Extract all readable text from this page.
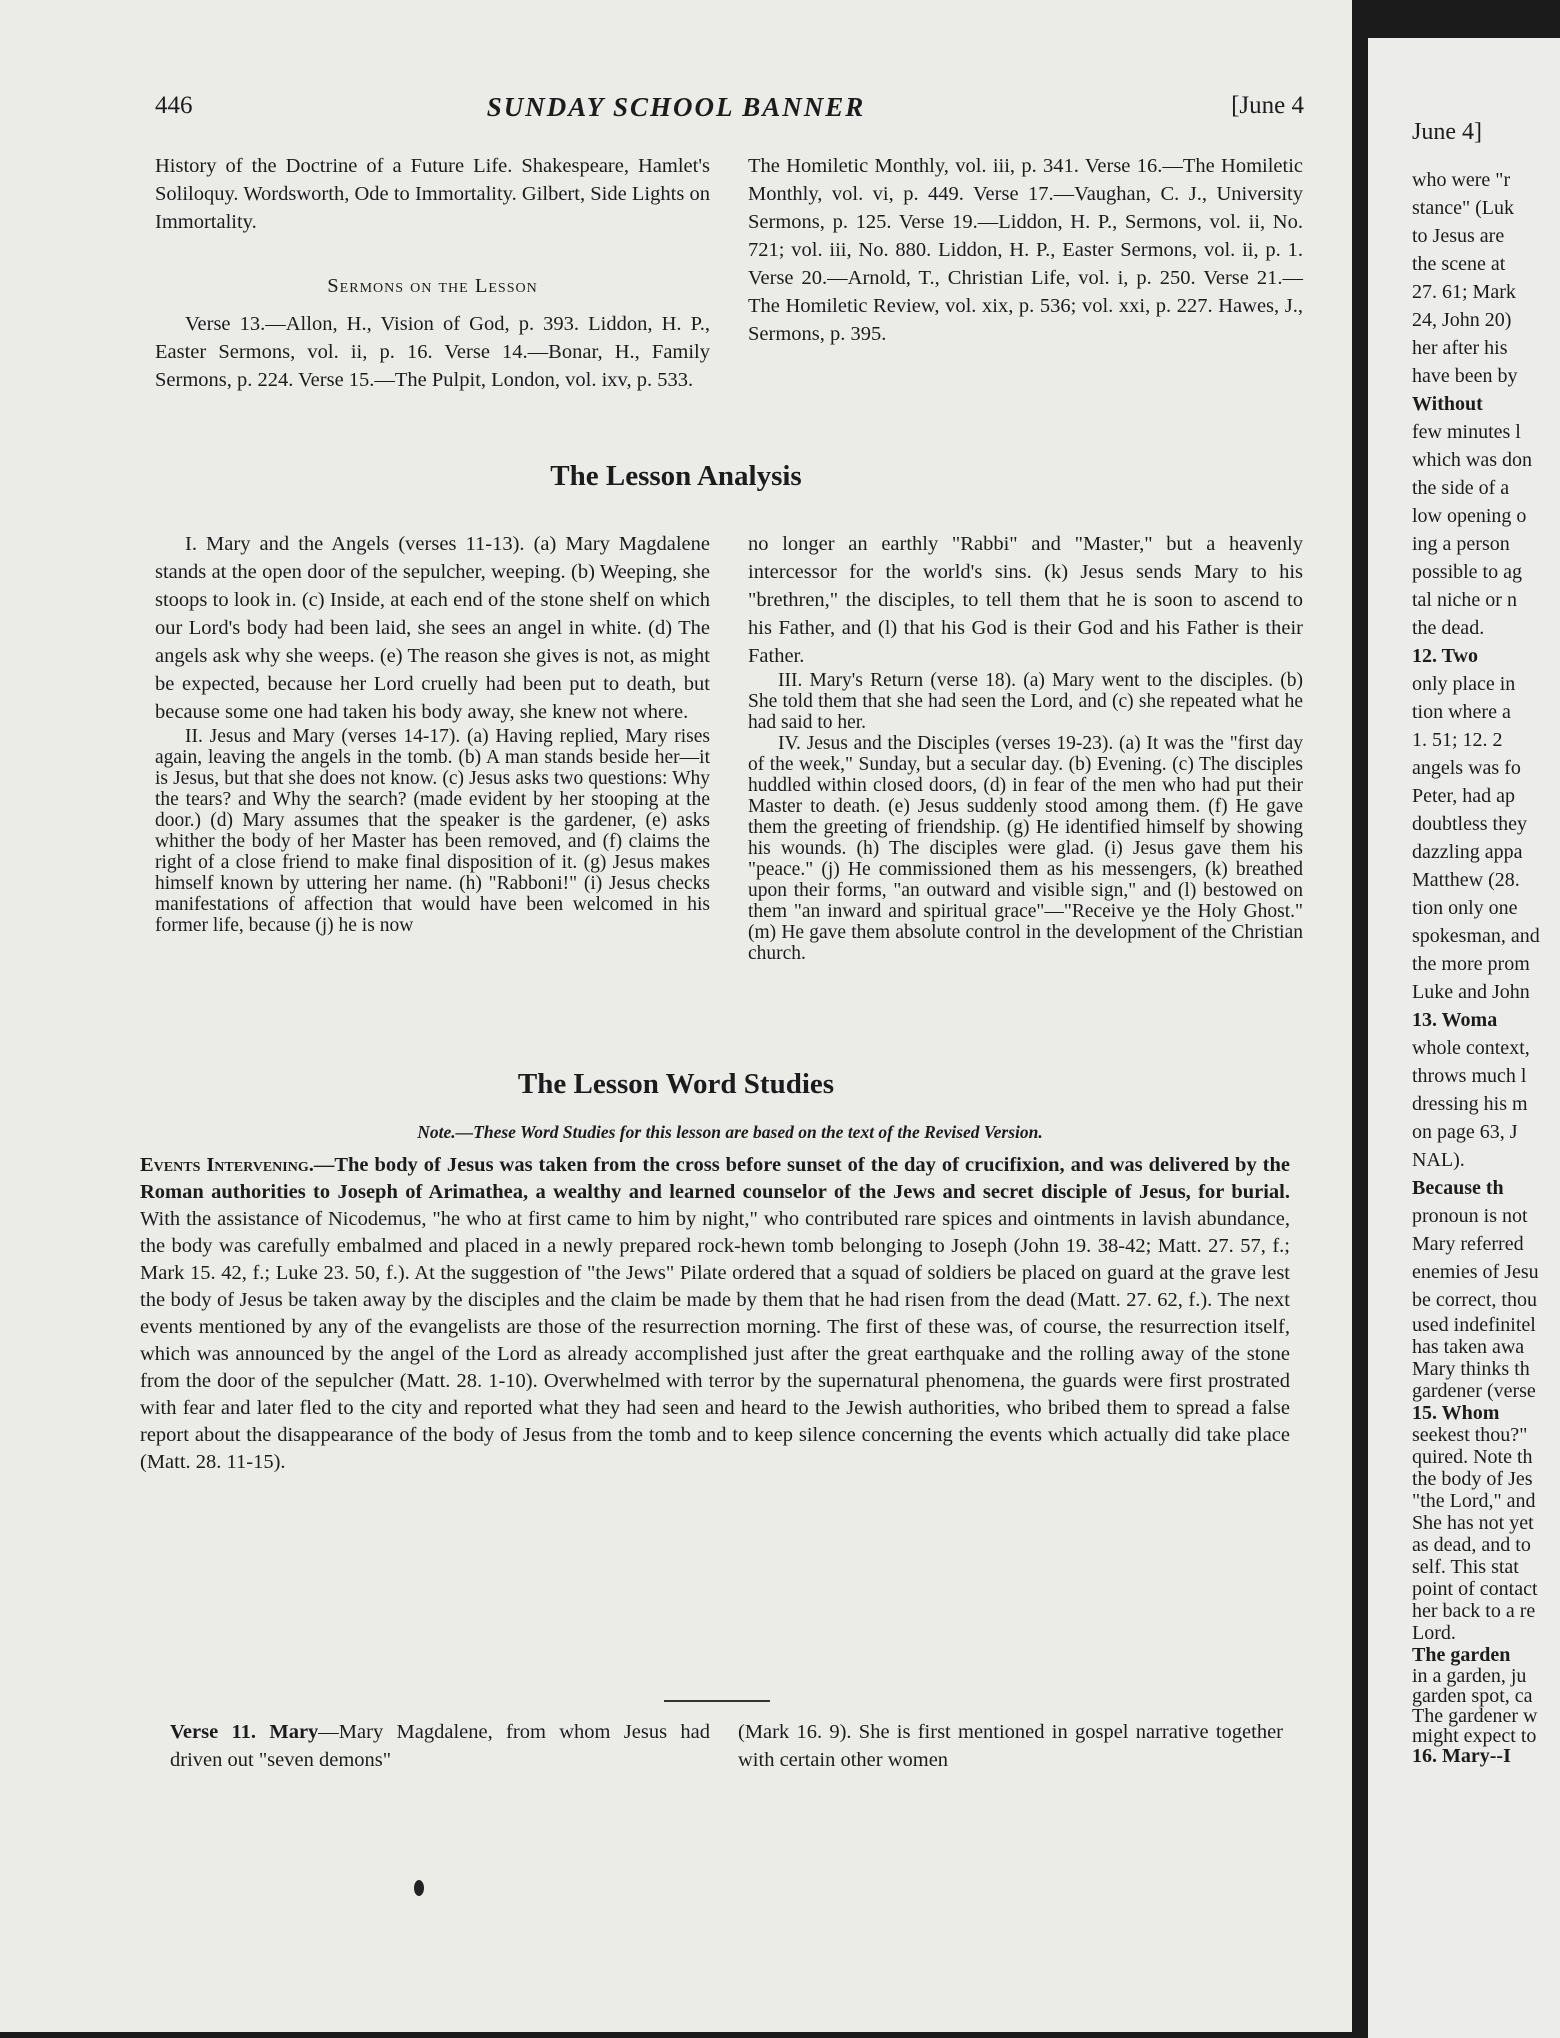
446	SUNDAY SCHOOL BANNER	[June 4

History of the Doctrine of a Future Life. Shakespeare, Hamlet's Soliloquy. Wordsworth, Ode to Immortality. Gilbert, Side Lights on Immortality.

Sermons on the Lesson

Verse 13.—Allon, H., Vision of God, p. 393. Liddon, H. P., Easter Sermons, vol. ii, p. 16. Verse 14.—Bonar, H., Family Sermons, p. 224. Verse 15.—The Pulpit, London, vol. ixv, p. 533.

The Homiletic Monthly, vol. iii, p. 341. Verse 16.—The Homiletic Monthly, vol. vi, p. 449. Verse 17.—Vaughan, C. J., University Sermons, p. 125. Verse 19.—Liddon, H. P., Sermons, vol. ii, No. 721; vol. iii, No. 880. Liddon, H. P., Easter Sermons, vol. ii, p. 1. Verse 20.—Arnold, T., Christian Life, vol. i, p. 250. Verse 21.—The Homiletic Review, vol. xix, p. 536; vol. xxi, p. 227. Hawes, J., Sermons, p. 395.

The Lesson Analysis

I. Mary and the Angels (verses 11-13). (a) Mary Magdalene stands at the open door of the sepulcher, weeping. (b) Weeping, she stoops to look in. (c) Inside, at each end of the stone shelf on which our Lord's body had been laid, she sees an angel in white. (d) The angels ask why she weeps. (e) The reason she gives is not, as might be expected, because her Lord cruelly had been put to death, but because some one had taken his body away, she knew not where.

II. Jesus and Mary (verses 14-17). (a) Having replied, Mary rises again, leaving the angels in the tomb. (b) A man stands beside her—it is Jesus, but that she does not know. (c) Jesus asks two questions: Why the tears? and Why the search? (made evident by her stooping at the door.) (d) Mary assumes that the speaker is the gardener, (e) asks whither the body of her Master has been removed, and (f) claims the right of a close friend to make final disposition of it. (g) Jesus makes himself known by uttering her name. (h) "Rabboni!" (i) Jesus checks manifestations of affection that would have been welcomed in his former life, because (j) he is now

no longer an earthly "Rabbi" and "Master," but a heavenly intercessor for the world's sins. (k) Jesus sends Mary to his "brethren," the disciples, to tell them that he is soon to ascend to his Father, and (l) that his God is their God and his Father is their Father.

III. Mary's Return (verse 18). (a) Mary went to the disciples. (b) She told them that she had seen the Lord, and (c) she repeated what he had said to her.

IV. Jesus and the Disciples (verses 19-23). (a) It was the "first day of the week," Sunday, but a secular day. (b) Evening. (c) The disciples huddled within closed doors, (d) in fear of the men who had put their Master to death. (e) Jesus suddenly stood among them. (f) He gave them the greeting of friendship. (g) He identified himself by showing his wounds. (h) The disciples were glad. (i) Jesus gave them his "peace." (j) He commissioned them as his messengers, (k) breathed upon their forms, "an outward and visible sign," and (l) bestowed on them "an inward and spiritual grace"—"Receive ye the Holy Ghost." (m) He gave them absolute control in the development of the Christian church.

The Lesson Word Studies
Note.—These Word Studies for this lesson are based on the text of the Revised Version.
Events Intervening.—The body of Jesus was taken from the cross before sunset of the day of crucifixion, and was delivered by the Roman authorities to Joseph of Arimathea, a wealthy and learned counselor of the Jews and secret disciple of Jesus, for burial. With the assistance of Nicodemus, "he who at first came to him by night," who contributed rare spices and ointments in lavish abundance, the body was carefully embalmed and placed in a newly prepared rock-hewn tomb belonging to Joseph (John 19. 38-42; Matt. 27. 57, f.; Mark 15. 42, f.; Luke 23. 50, f.). At the suggestion of "the Jews" Pilate ordered that a squad of soldiers be placed on guard at the grave lest the body of Jesus be taken away by the disciples and the claim be made by them that he had risen from the dead (Matt. 27. 62, f.). The next events mentioned by any of the evangelists are those of the resurrection morning. The first of these was, of course, the resurrection itself, which was announced by the angel of the Lord as already accomplished just after the great earthquake and the rolling away of the stone from the door of the sepulcher (Matt. 28. 1-10). Overwhelmed with terror by the supernatural phenomena, the guards were first prostrated with fear and later fled to the city and reported what they had seen and heard to the Jewish authorities, who bribed them to spread a false report about the disappearance of the body of Jesus from the tomb and to keep silence concerning the events which actually did take place (Matt. 28. 11-15).
Verse 11. Mary—Mary Magdalene, from whom Jesus had driven out "seven demons"
(Mark 16. 9). She is first mentioned in gospel narrative together with certain other women

June 4]

who were "r

stance" (Luk

to Jesus are

the scene at

27. 61; Mark

24, John 20)

her after his

have been by

Without

few minutes l

which was don

the side of a

low opening o

ing a person

possible to ag

tal niche or n

the dead.

12. Two

only place in

tion where a

1. 51; 12. 2

angels was fo

Peter, had ap

doubtless they

dazzling appa

Matthew (28.

tion only one

spokesman, and

the more prom

Luke and John

13. Woma

whole context,

throws much l

dressing his m

on page 63, J

NAL).

Because th

pronoun is not

Mary referred

enemies of Jesu

be correct, thou

used indefinitel

has taken awa

Mary thinks th

gardener (verse

15. Whom

seekest thou?"

quired. Note th

the body of Jes

"the Lord," and

She has not yet

as dead, and to

self. This stat

point of contact

her back to a re

Lord.

The garden

in a garden, ju

garden spot, ca

The gardener w

might expect to

16. Mary--I
